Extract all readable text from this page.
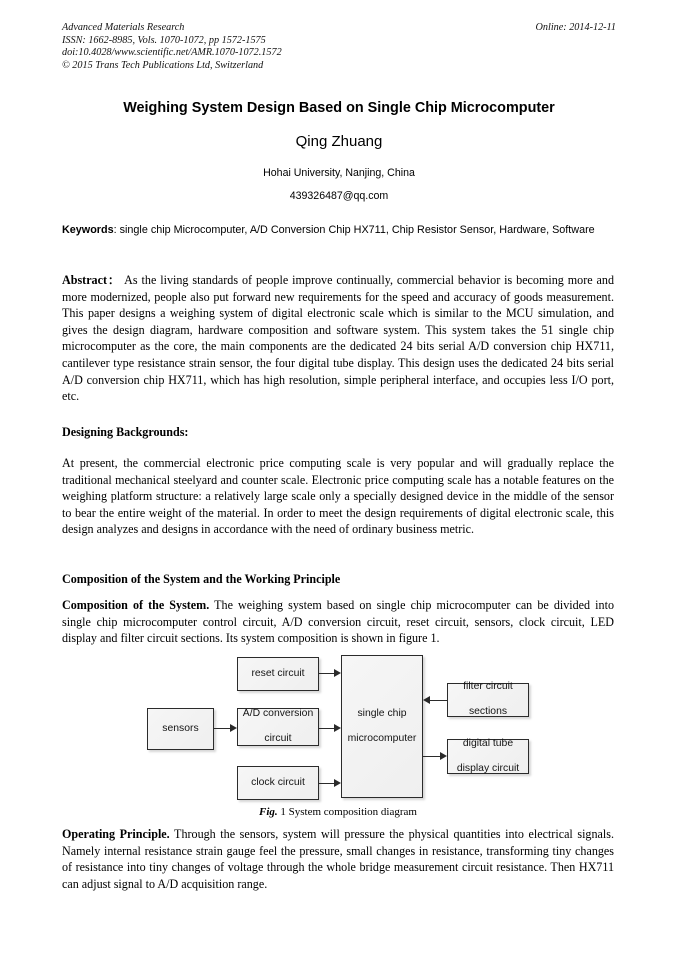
Advanced Materials Research	Online: 2014-12-11
ISSN: 1662-8985, Vols. 1070-1072, pp 1572-1575
doi:10.4028/www.scientific.net/AMR.1070-1072.1572
© 2015 Trans Tech Publications Ltd, Switzerland
Weighing System Design Based on Single Chip Microcomputer
Qing Zhuang
Hohai University, Nanjing, China
439326487@qq.com
Keywords: single chip Microcomputer, A/D Conversion Chip HX711, Chip Resistor Sensor, Hardware, Software
Abstract： As the living standards of people improve continually, commercial behavior is becoming more and more modernized, people also put forward new requirements for the speed and accuracy of goods measurement. This paper designs a weighing system of digital electronic scale which is similar to the MCU simulation, and gives the design diagram, hardware composition and software system. This system takes the 51 single chip microcomputer as the core, the main components are the dedicated 24 bits serial A/D conversion chip HX711, cantilever type resistance strain sensor, the four digital tube display. This design uses the dedicated 24 bits serial A/D conversion chip HX711, which has high resolution, simple peripheral interface, and occupies less I/O port, etc.
Designing Backgrounds:
At present, the commercial electronic price computing scale is very popular and will gradually replace the traditional mechanical steelyard and counter scale. Electronic price computing scale has a notable features on the weighing platform structure: a relatively large scale only a specially designed device in the middle of the sensor to bear the entire weight of the material. In order to meet the design requirements of digital electronic scale, this design analyzes and designs in accordance with the need of ordinary business metric.
Composition of the System and the Working Principle
Composition of the System. The weighing system based on single chip microcomputer can be divided into single chip microcomputer control circuit, A/D conversion circuit, reset circuit, sensors, clock circuit, LED display and filter circuit sections. Its system composition is shown in figure 1.
Operating Principle. Through the sensors, system will pressure the physical quantities into electrical signals. Namely internal resistance strain gauge feel the pressure, small changes in resistance, transforming tiny changes of resistance into tiny changes of voltage through the whole bridge measurement circuit resistance. Then HX711 can adjust signal to A/D acquisition range.
reset circuit
sensors
A/D conversion

circuit
clock circuit
single chip

microcomputer
filter circuit

sections
digital tube

display circuit
Fig. 1 System composition diagram
